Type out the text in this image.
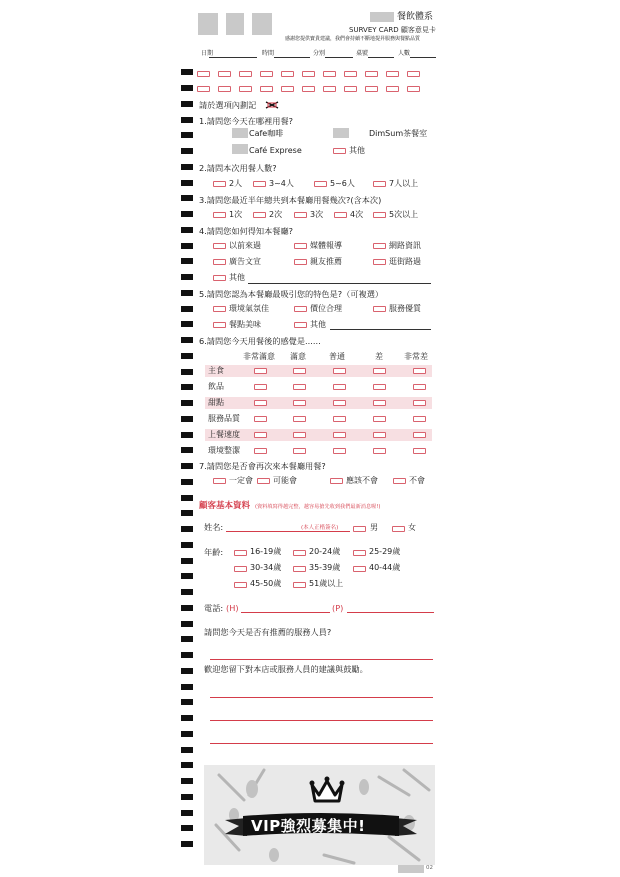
餐飲體系
SURVEY CARD 顧客意見卡
感謝您提供寶貴建議，我們會持續不斷地提昇服務與餐點品質
日期	時間	分別	桌號	人數
請於選項內劃記
1.請問您今天在哪裡用餐?
Cafe咖啡	DimSum茶餐室
Café Exprese	其他
2.請問本次用餐人數?
2人	3~4人	5~6人	7人以上
3.請問您最近半年總共到本餐廳用餐幾次?(含本次)
1次	2次	3次	4次	5次以上
4.請問您如何得知本餐廳?
以前來過	媒體報導	網路資訊
廣告文宣	親友推薦	逛街路過
其他
5.請問您認為本餐廳最吸引您的特色是?（可複選）
環境氣氛佳	價位合理	服務優質
餐點美味	其他
6.請問您今天用餐後的感覺是......
非常滿意 滿意	普通	差	非常差
主食
飲品
甜點
服務品質
上餐速度
環境整潔
7.請問您是否會再次來本餐廳用餐?
一定會	可能會	應該不會	不會
顧客基本資料 (資料填寫得越完整，越容易搶先收到我們最新消息喔!)
姓名:	(本人正楷簽名)	男	女
年齡:	16-19歲	20-24歲	25-29歲
30-34歲	35-39歲	40-44歲
45-50歲	51歲以上
電話: (H)	(P)
請問您今天是否有推薦的服務人員?
歡迎您留下對本店或服務人員的建議與鼓勵。
VIP強烈募集中!
02
